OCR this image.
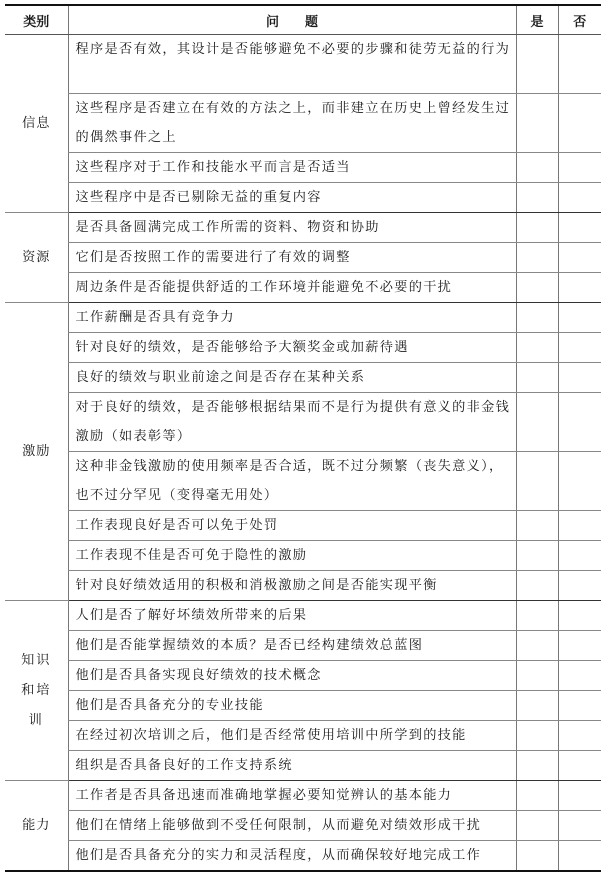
类别	问题	是	否
信息	程序是否有效，其设计是否能够避免不必要的步骤和徒劳无益的行为		
	这些程序是否建立在有效的方法之上，而非建立在历史上曾经发生过的偶然事件之上		
	这些程序对于工作和技能水平而言是否适当		
	这些程序中是否已剔除无益的重复内容		
资源	是否具备圆满完成工作所需的资料、物资和协助		
	它们是否按照工作的需要进行了有效的调整		
	周边条件是否能提供舒适的工作环境并能避免不必要的干扰		
激励	工作薪酬是否具有竞争力		
	针对良好的绩效，是否能够给予大额奖金或加薪待遇		
	良好的绩效与职业前途之间是否存在某种关系		
	对于良好的绩效，是否能够根据结果而不是行为提供有意义的非金钱激励（如表彰等）		
	这种非金钱激励的使用频率是否合适，既不过分频繁（丧失意义），也不过分罕见（变得毫无用处）		
	工作表现良好是否可以免于处罚		
	工作表现不佳是否可免于隐性的激励		
	针对良好绩效适用的积极和消极激励之间是否能实现平衡		
知识和培训	人们是否了解好坏绩效所带来的后果		
	他们是否能掌握绩效的本质？是否已经构建绩效总蓝图		
	他们是否具备实现良好绩效的技术概念		
	他们是否具备充分的专业技能		
	在经过初次培训之后，他们是否经常使用培训中所学到的技能		
	组织是否具备良好的工作支持系统		
能力	工作者是否具备迅速而准确地掌握必要知觉辨认的基本能力		
	他们在情绪上能够做到不受任何限制，从而避免对绩效形成干扰		
	他们是否具备充分的实力和灵活程度，从而确保较好地完成工作		
